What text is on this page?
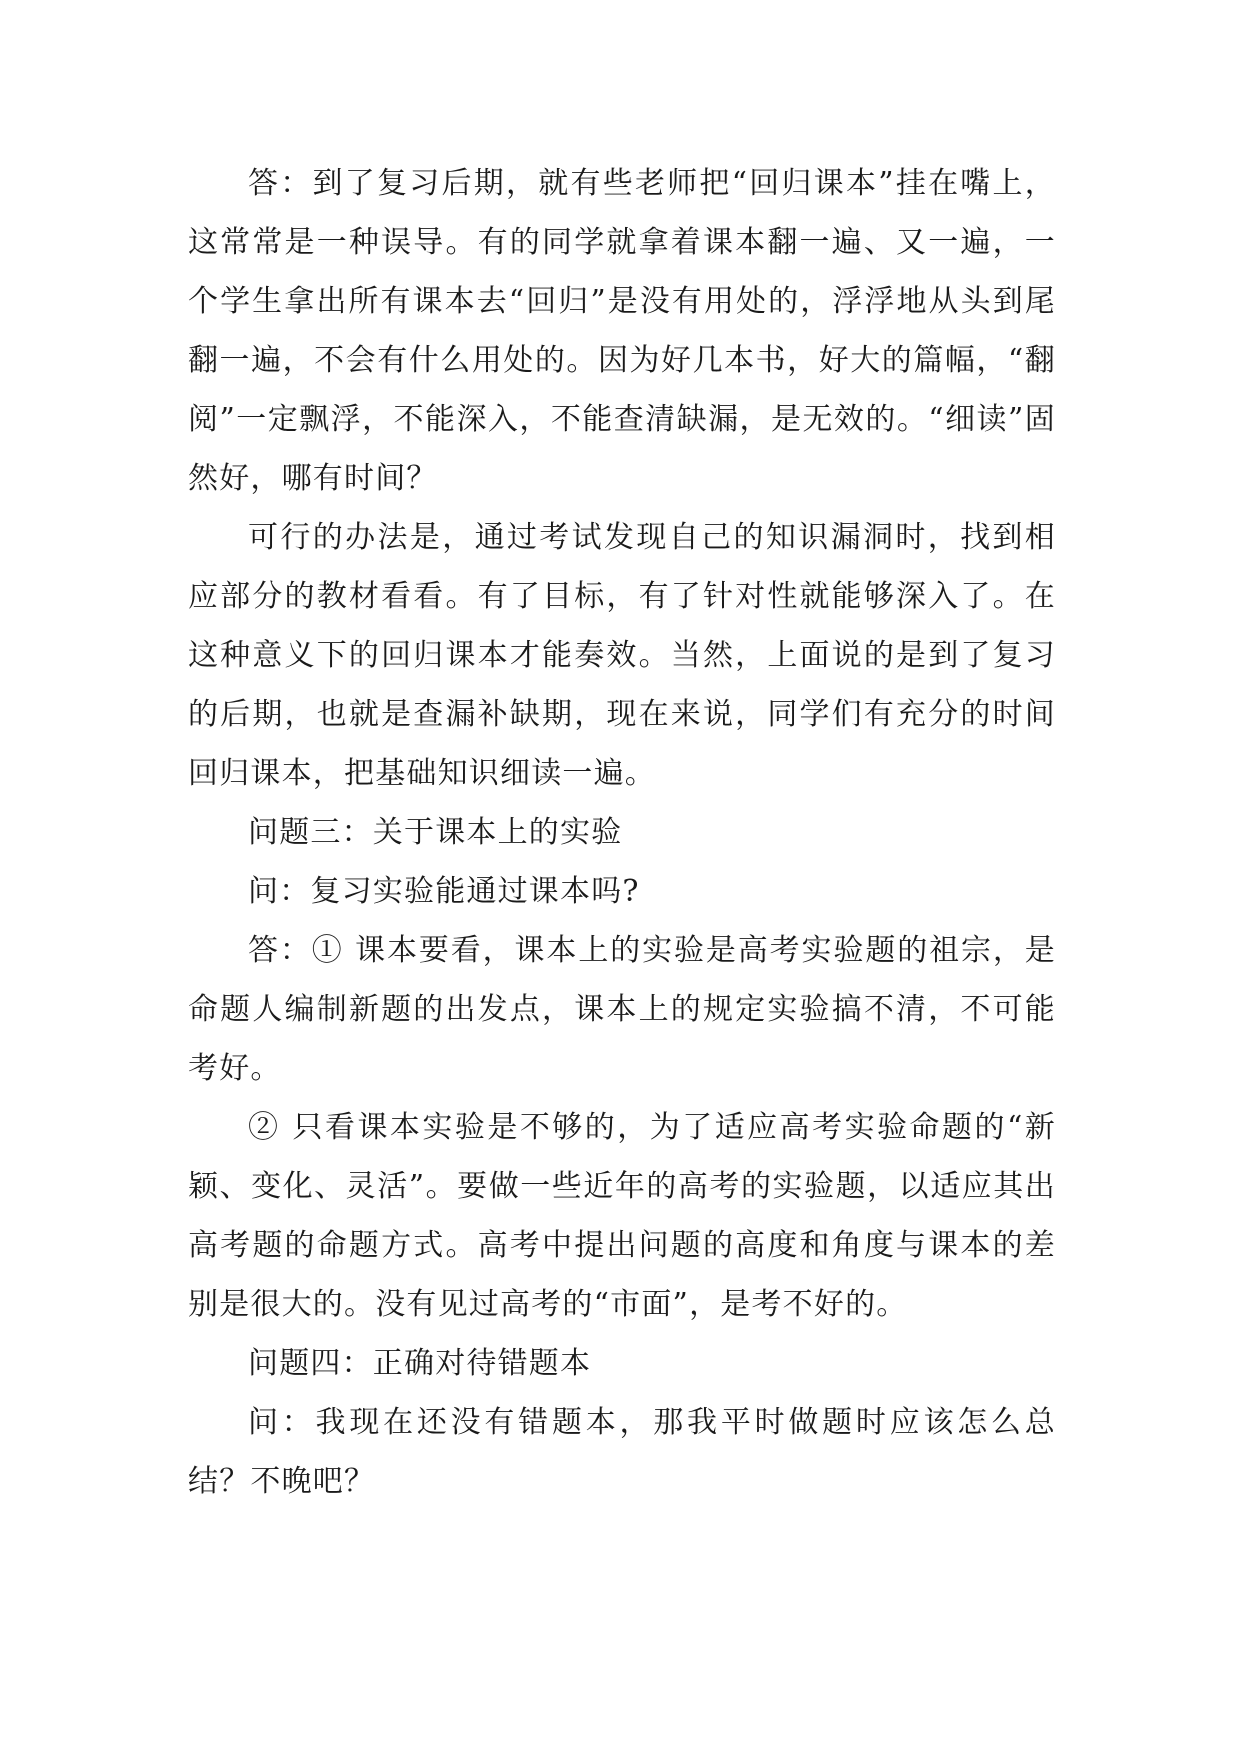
答：到了复习后期，就有些老师把“回归课本”挂在嘴上，这常常是一种误导。有的同学就拿着课本翻一遍、又一遍，一个学生拿出所有课本去“回归”是没有用处的，浮浮地从头到尾翻一遍，不会有什么用处的。因为好几本书，好大的篇幅，“翻阅”一定飘浮，不能深入，不能查清缺漏，是无效的。“细读”固然好，哪有时间？

可行的办法是，通过考试发现自己的知识漏洞时，找到相应部分的教材看看。有了目标，有了针对性就能够深入了。在这种意义下的回归课本才能奏效。当然，上面说的是到了复习的后期，也就是查漏补缺期，现在来说，同学们有充分的时间回归课本，把基础知识细读一遍。

问题三：关于课本上的实验

问：复习实验能通过课本吗?

答：① 课本要看，课本上的实验是高考实验题的祖宗，是命题人编制新题的出发点，课本上的规定实验搞不清，不可能考好。

② 只看课本实验是不够的，为了适应高考实验命题的“新颖、变化、灵活”。要做一些近年的高考的实验题，以适应其出高考题的命题方式。高考中提出问题的高度和角度与课本的差别是很大的。没有见过高考的“市面”，是考不好的。

问题四：正确对待错题本

问：我现在还没有错题本，那我平时做题时应该怎么总结？不晚吧？
